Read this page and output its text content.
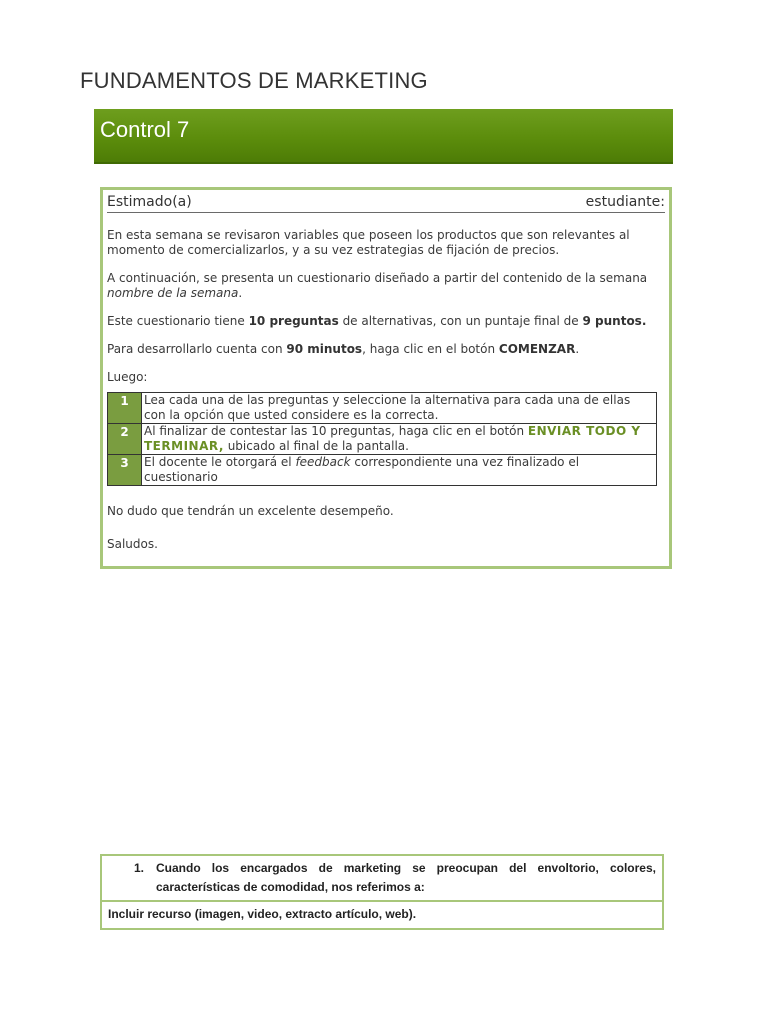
FUNDAMENTOS DE MARKETING
Control 7
Estimado(a)	estudiante:

En esta semana se revisaron variables que poseen los productos que son relevantes al momento de comercializarlos, y a su vez estrategias de fijación de precios.

A continuación, se presenta un cuestionario diseñado a partir del contenido de la semana nombre de la semana.

Este cuestionario tiene 10 preguntas de alternativas, con un puntaje final de 9 puntos.

Para desarrollarlo cuenta con 90 minutos, haga clic en el botón COMENZAR.

Luego:

1	Lea cada una de las preguntas y seleccione la alternativa para cada una de ellas con la opción que usted considere es la correcta.
2	Al finalizar de contestar las 10 preguntas, haga clic en el botón ENVIAR TODO Y TERMINAR, ubicado al final de la pantalla.
3	El docente le otorgará el feedback correspondiente una vez finalizado el cuestionario

No dudo que tendrán un excelente desempeño.

Saludos.

1. Cuando los encargados de marketing se preocupan del envoltorio, colores, características de comodidad, nos referimos a:
Incluir recurso (imagen, video, extracto artículo, web).
